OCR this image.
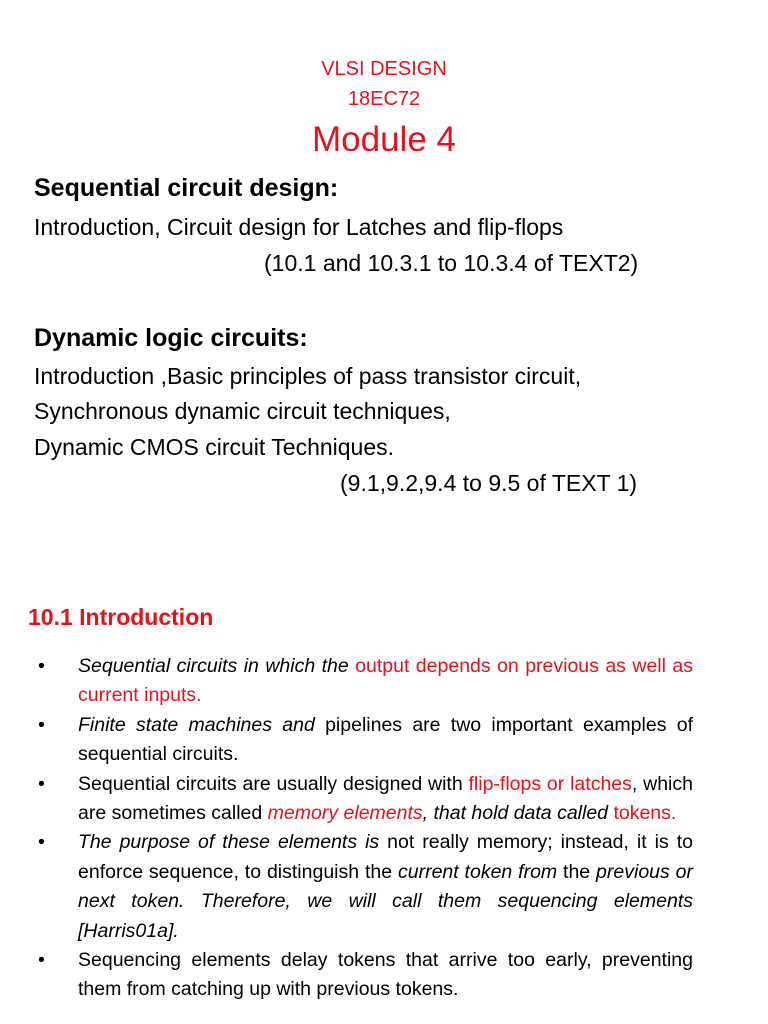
VLSI DESIGN
18EC72
Module 4
Sequential circuit design:
Introduction, Circuit design for Latches and flip-flops
(10.1 and 10.3.1 to 10.3.4 of TEXT2)
Dynamic logic circuits:
Introduction ,Basic principles of pass transistor circuit,
Synchronous dynamic circuit techniques,
Dynamic CMOS circuit Techniques.
(9.1,9.2,9.4 to 9.5 of TEXT 1)
10.1 Introduction
• Sequential circuits in which the output depends on previous as well as current inputs.
• Finite state machines and pipelines are two important examples of sequential circuits.
• Sequential circuits are usually designed with flip-flops or latches, which are sometimes called memory elements, that hold data called tokens.
• The purpose of these elements is not really memory; instead, it is to enforce sequence, to distinguish the current token from the previous or next token. Therefore, we will call them sequencing elements [Harris01a].
• Sequencing elements delay tokens that arrive too early, preventing them from catching up with previous tokens.
